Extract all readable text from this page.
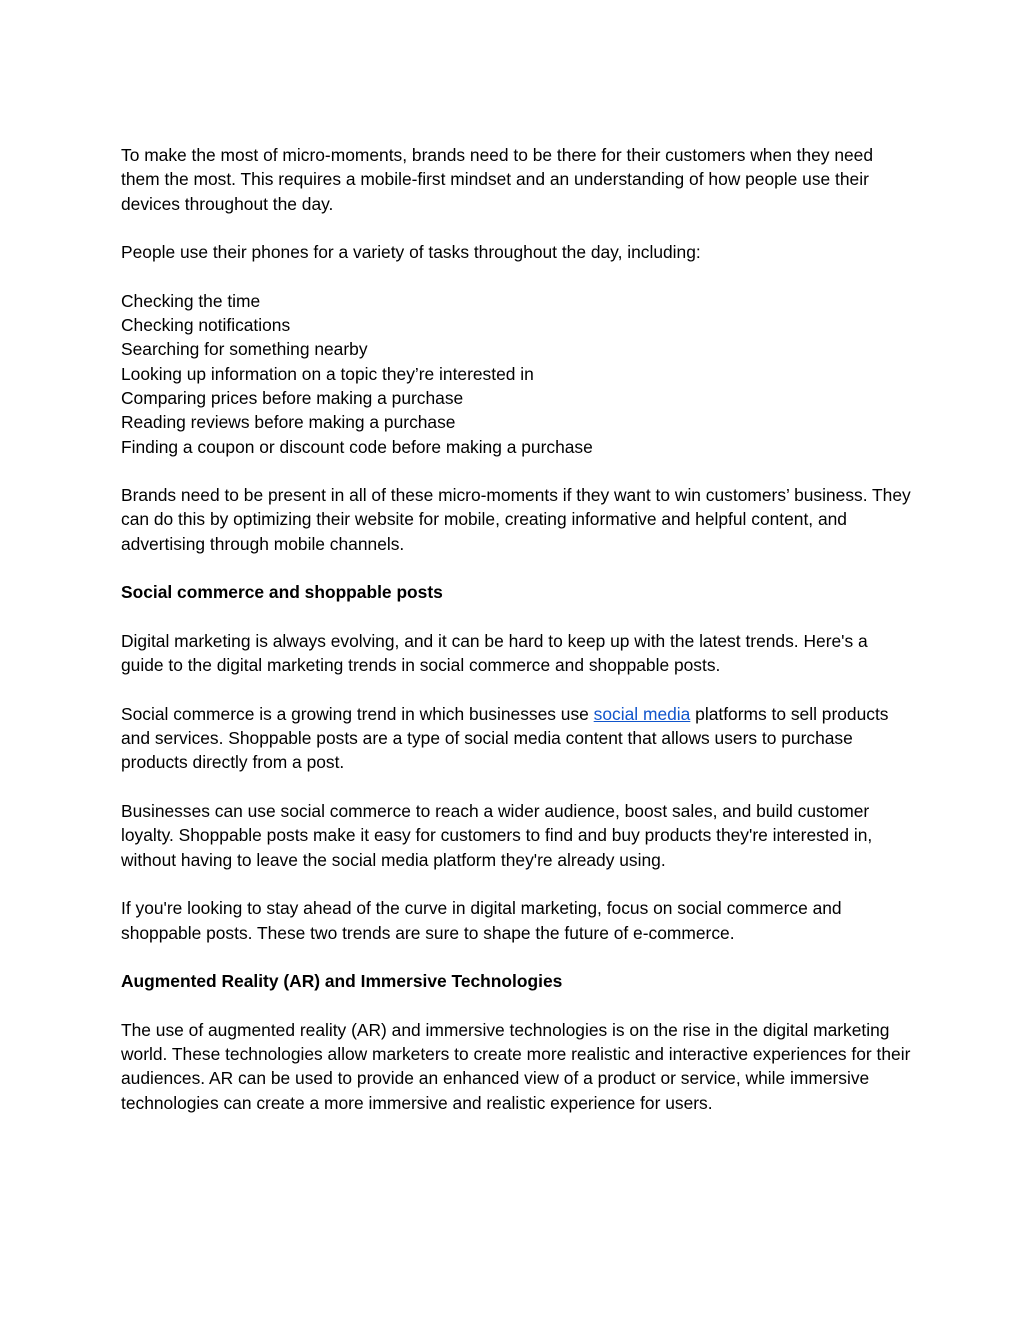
To make the most of micro-moments, brands need to be there for their customers when they need them the most. This requires a mobile-first mindset and an understanding of how people use their devices throughout the day.

People use their phones for a variety of tasks throughout the day, including:

Checking the time
Checking notifications
Searching for something nearby
Looking up information on a topic they’re interested in
Comparing prices before making a purchase
Reading reviews before making a purchase
Finding a coupon or discount code before making a purchase

Brands need to be present in all of these micro-moments if they want to win customers’ business. They can do this by optimizing their website for mobile, creating informative and helpful content, and advertising through mobile channels.

Social commerce and shoppable posts

Digital marketing is always evolving, and it can be hard to keep up with the latest trends. Here's a guide to the digital marketing trends in social commerce and shoppable posts.

Social commerce is a growing trend in which businesses use social media platforms to sell products and services. Shoppable posts are a type of social media content that allows users to purchase products directly from a post.

Businesses can use social commerce to reach a wider audience, boost sales, and build customer loyalty. Shoppable posts make it easy for customers to find and buy products they're interested in, without having to leave the social media platform they're already using.

If you're looking to stay ahead of the curve in digital marketing, focus on social commerce and shoppable posts. These two trends are sure to shape the future of e-commerce.

Augmented Reality (AR) and Immersive Technologies

The use of augmented reality (AR) and immersive technologies is on the rise in the digital marketing world. These technologies allow marketers to create more realistic and interactive experiences for their audiences. AR can be used to provide an enhanced view of a product or service, while immersive technologies can create a more immersive and realistic experience for users.
